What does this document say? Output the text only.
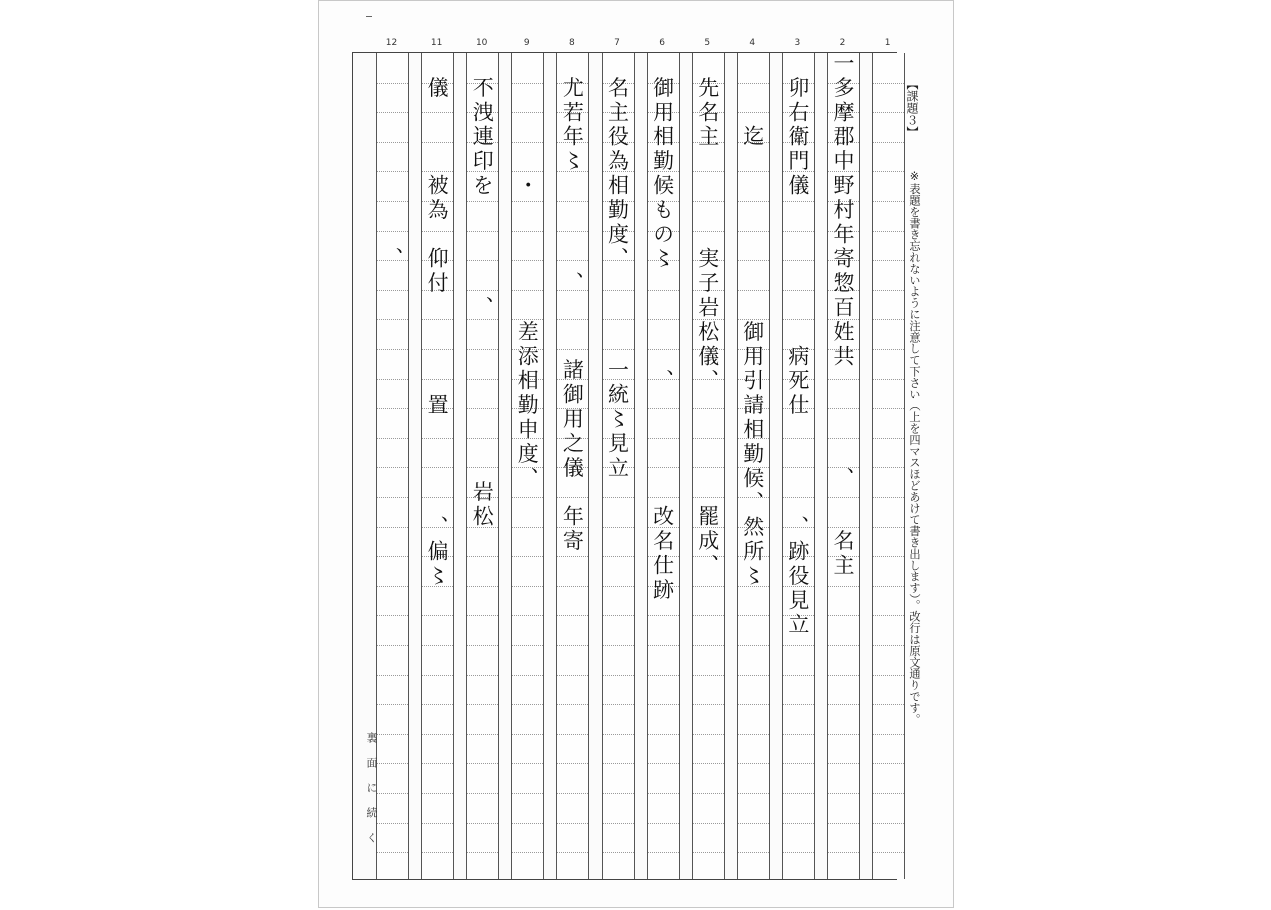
1
2
3
4
5
6
7
8
9
10
11
12
一多摩郡中野村年寄惣百姓共　　　　、　　名主
　卯右衛門儀　　　　　　病死仕　　　　、跡役見立
　　　迄　　　　　　　御用引請相勤候、然所〻
　先名主　　　　実子岩松儀、　　　　　罷成、
　御用相勤候もの〻　　　　、　　　　　改名仕跡
　名主役為相勤度、　　　　一統〻見立
　尤若年〻　　　　、　　　諸御用之儀　年寄
　　　　　・　　　　　差添相勤申度、
　不洩連印を　　　　、　　　　　　　岩松
　儀　　　被為　仰付　　　　置　　　　、偏〻
　　　　　　　　、
裏面に続く
【課題３】
※表題を書き忘れないように注意して下さい（上を四マスほどあけて書き出します）。改行は原文通りです。
